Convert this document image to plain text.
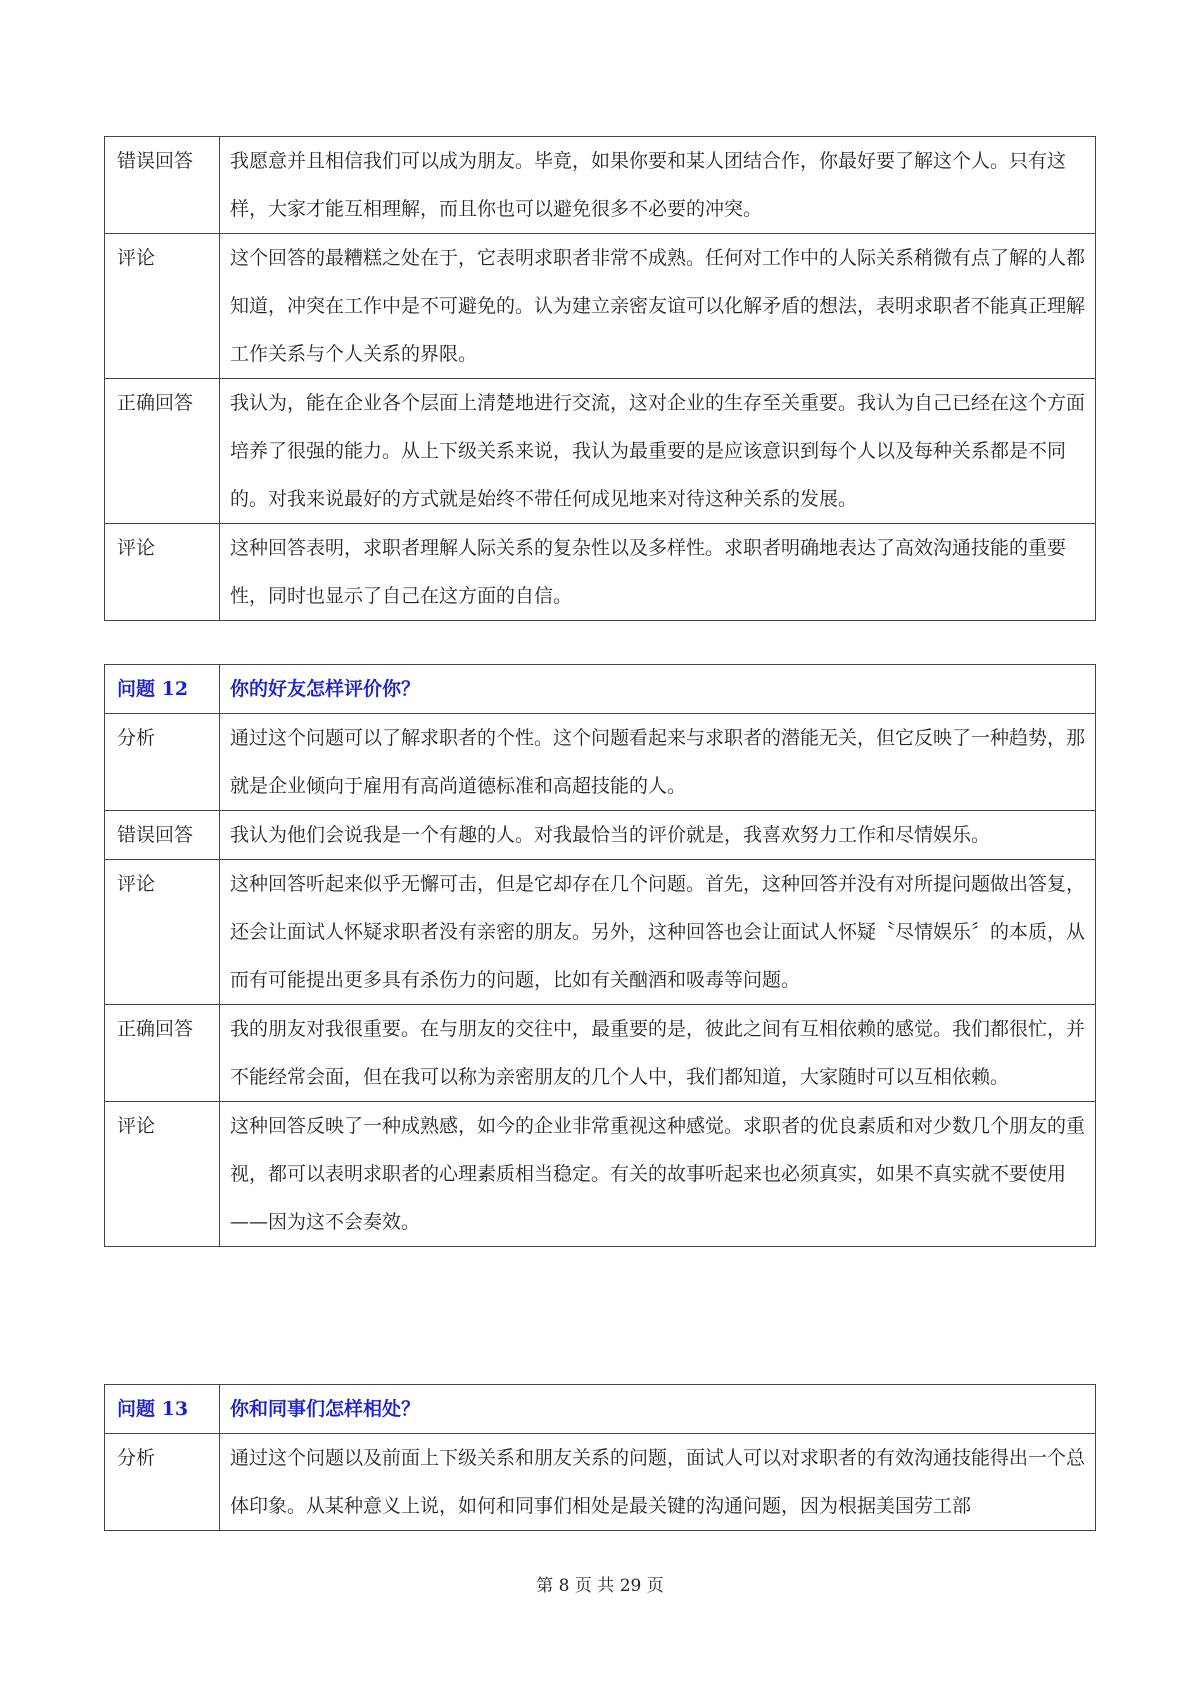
错误回答	我愿意并且相信我们可以成为朋友。毕竟，如果你要和某人团结合作，你最好要了解这个人。只有这样，大家才能互相理解，而且你也可以避免很多不必要的冲突。
评论	这个回答的最糟糕之处在于，它表明求职者非常不成熟。任何对工作中的人际关系稍微有点了解的人都知道，冲突在工作中是不可避免的。认为建立亲密友谊可以化解矛盾的想法，表明求职者不能真正理解工作关系与个人关系的界限。
正确回答	我认为，能在企业各个层面上清楚地进行交流，这对企业的生存至关重要。我认为自己已经在这个方面培养了很强的能力。从上下级关系来说，我认为最重要的是应该意识到每个人以及每种关系都是不同的。对我来说最好的方式就是始终不带任何成见地来对待这种关系的发展。
评论	这种回答表明，求职者理解人际关系的复杂性以及多样性。求职者明确地表达了高效沟通技能的重要性，同时也显示了自己在这方面的自信。
问题 12	你的好友怎样评价你？
分析	通过这个问题可以了解求职者的个性。这个问题看起来与求职者的潜能无关，但它反映了一种趋势，那就是企业倾向于雇用有高尚道德标准和高超技能的人。
错误回答	我认为他们会说我是一个有趣的人。对我最恰当的评价就是，我喜欢努力工作和尽情娱乐。
评论	这种回答听起来似乎无懈可击，但是它却存在几个问题。首先，这种回答并没有对所提问题做出答复，还会让面试人怀疑求职者没有亲密的朋友。另外，这种回答也会让面试人怀疑〝尽情娱乐〞的本质，从而有可能提出更多具有杀伤力的问题，比如有关酗酒和吸毒等问题。
正确回答	我的朋友对我很重要。在与朋友的交往中，最重要的是，彼此之间有互相依赖的感觉。我们都很忙，并不能经常会面，但在我可以称为亲密朋友的几个人中，我们都知道，大家随时可以互相依赖。
评论	这种回答反映了一种成熟感，如今的企业非常重视这种感觉。求职者的优良素质和对少数几个朋友的重视，都可以表明求职者的心理素质相当稳定。有关的故事听起来也必须真实，如果不真实就不要使用——因为这不会奏效。
问题 13	你和同事们怎样相处？
分析	通过这个问题以及前面上下级关系和朋友关系的问题，面试人可以对求职者的有效沟通技能得出一个总体印象。从某种意义上说，如何和同事们相处是最关键的沟通问题，因为根据美国劳工部
第 8 页 共 29 页
